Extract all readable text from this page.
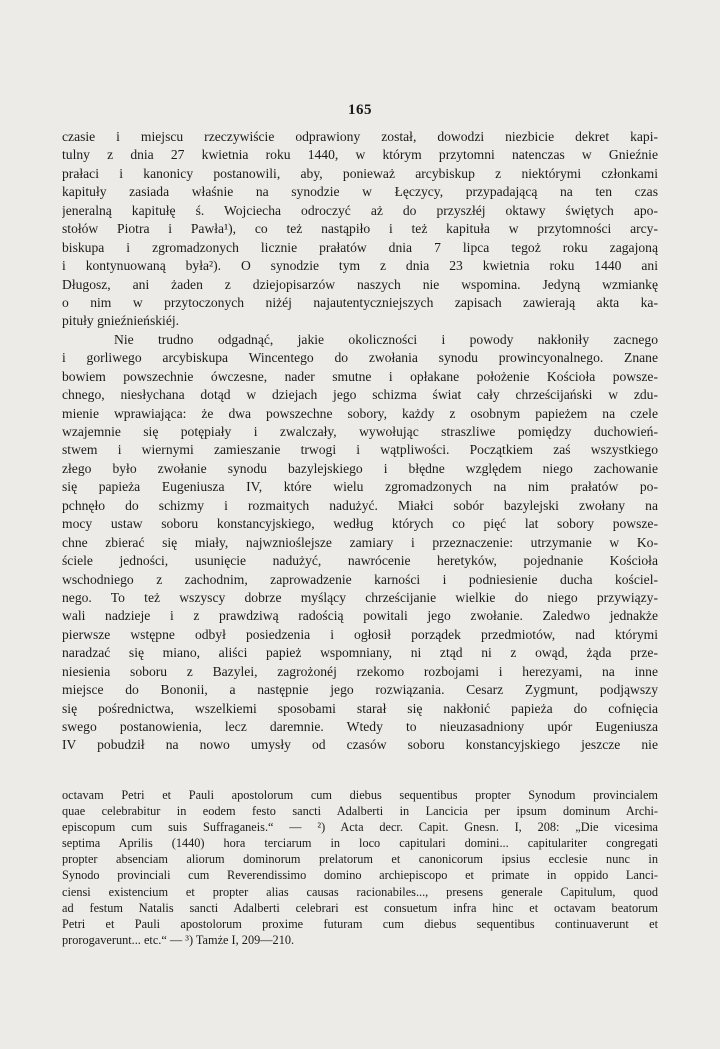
165
czasie i miejscu rzeczywiście odprawiony został, dowodzi niezbicie dekret kapi-
tulny z dnia 27 kwietnia roku 1440, w którym przytomni natenczas w Gnieźnie
prałaci i kanonicy postanowili, aby, ponieważ arcybiskup z niektórymi członkami
kapituły zasiada właśnie na synodzie w Łęczycy, przypadającą na ten czas
jeneralną kapitułę ś. Wojciecha odroczyć aż do przyszłéj oktawy świętych apo-
stołów Piotra i Pawła¹), co też nastąpiło i też kapituła w przytomności arcy-
biskupa i zgromadzonych licznie prałatów dnia 7 lipca tegoż roku zagajoną
i kontynuowaną była²). O synodzie tym z dnia 23 kwietnia roku 1440 ani
Długosz, ani żaden z dziejopisarzów naszych nie wspomina. Jedyną wzmiankę
o nim w przytoczonych niżéj najautentyczniejszych zapisach zawierają akta ka-
pituły gnieźnieńskiéj.
Nie trudno odgadnąć, jakie okoliczności i powody nakłoniły zacnego
i gorliwego arcybiskupa Wincentego do zwołania synodu prowincyonalnego. Znane
bowiem powszechnie ówczesne, nader smutne i opłakane położenie Kościoła powsze-
chnego, niesłychana dotąd w dziejach jego schizma świat cały chrześcijański w zdu-
mienie wprawiająca: że dwa powszechne sobory, każdy z osobnym papieżem na czele
wzajemnie się potępiały i zwalczały, wywołując straszliwe pomiędzy duchowień-
stwem i wiernymi zamieszanie trwogi i wątpliwości. Początkiem zaś wszystkiego
złego było zwołanie synodu bazylejskiego i błędne względem niego zachowanie
się papieża Eugeniusza IV, które wielu zgromadzonych na nim prałatów po-
pchnęło do schizmy i rozmaitych nadużyć. Miałci sobór bazylejski zwołany na
mocy ustaw soboru konstancyjskiego, według których co pięć lat sobory powsze-
chne zbierać się miały, najwznioślejsze zamiary i przeznaczenie: utrzymanie w Ko-
ściele jedności, usunięcie nadużyć, nawrócenie heretyków, pojednanie Kościoła
wschodniego z zachodnim, zaprowadzenie karności i podniesienie ducha kościel-
nego. To też wszyscy dobrze myślący chrześcijanie wielkie do niego przywiązy-
wali nadzieje i z prawdziwą radością powitali jego zwołanie. Zaledwo jednakże
pierwsze wstępne odbył posiedzenia i ogłosił porządek przedmiotów, nad którymi
naradzać się miano, aliści papież wspomniany, ni ztąd ni z owąd, żąda prze-
niesienia soboru z Bazylei, zagrożonéj rzekomo rozbojami i herezyami, na inne
miejsce do Bononii, a następnie jego rozwiązania. Cesarz Zygmunt, podjąwszy
się pośrednictwa, wszelkiemi sposobami starał się nakłonić papieża do cofnięcia
swego postanowienia, lecz daremnie. Wtedy to nieuzasadniony upór Eugeniusza
IV pobudził na nowo umysły od czasów soboru konstancyjskiego jeszcze nie
octavam Petri et Pauli apostolorum cum diebus sequentibus propter Synodum provincialem
quae celebrabitur in eodem festo sancti Adalberti in Lancicia per ipsum dominum Archi-
episcopum cum suis Suffraganeis.“ — ²) Acta decr. Capit. Gnesn. I, 208: „Die vicesima
septima Aprilis (1440) hora terciarum in loco capitulari domini... capitulariter congregati
propter absenciam aliorum dominorum prelatorum et canonicorum ipsius ecclesie nunc in
Synodo provinciali cum Reverendissimo domino archiepiscopo et primate in oppido Lanci-
ciensi existencium et propter alias causas racionabiles..., presens generale Capitulum, quod
ad festum Natalis sancti Adalberti celebrari est consuetum infra hinc et octavam beatorum
Petri et Pauli apostolorum proxime futuram cum diebus sequentibus continuaverunt et
prorogaverunt... etc.“ — ³) Tamże I, 209—210.
